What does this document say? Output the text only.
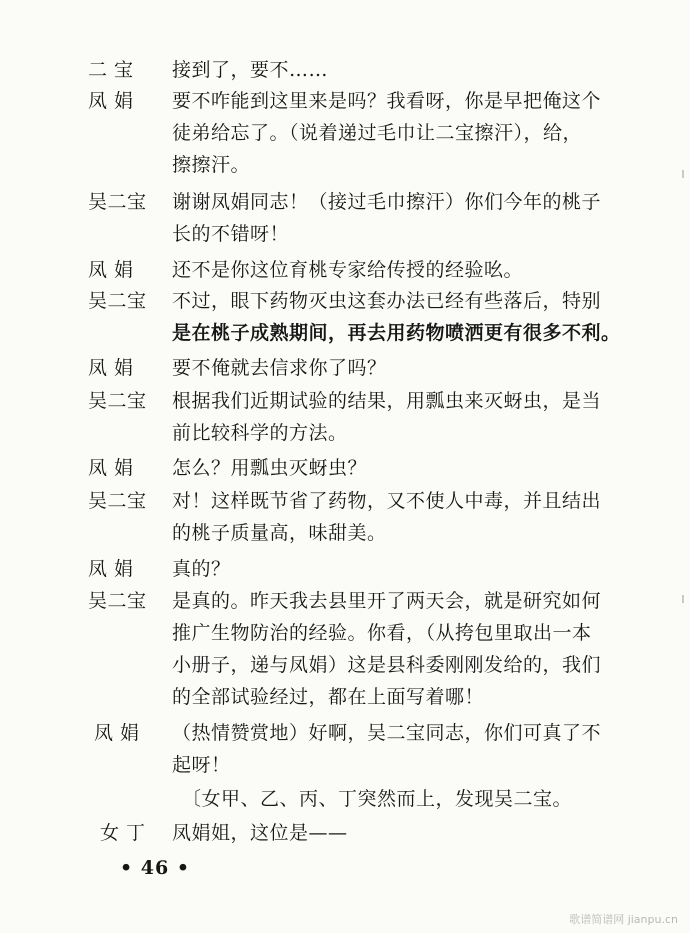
二 宝 接到了，要不……
凤 娟 要不咋能到这里来是吗？我看呀，你是早把俺这个
徒弟给忘了。（说着递过毛巾让二宝擦汗），给，
擦擦汗。
吴二宝 谢谢凤娟同志！（接过毛巾擦汗）你们今年的桃子
长的不错呀！
凤 娟 还不是你这位育桃专家给传授的经验吆。
吴二宝 不过，眼下药物灭虫这套办法已经有些落后，特别
是在桃子成熟期间，再去用药物喷洒更有很多不利。
凤 娟 要不俺就去信求你了吗？
吴二宝 根据我们近期试验的结果，用瓢虫来灭蚜虫，是当
前比较科学的方法。
凤 娟 怎么？用瓢虫灭蚜虫？
吴二宝 对！这样既节省了药物，又不使人中毒，并且结出
的桃子质量高，味甜美。
凤 娟 真的？
吴二宝 是真的。昨天我去县里开了两天会，就是研究如何
推广生物防治的经验。你看，（从挎包里取出一本
小册子，递与凤娟）这是县科委刚刚发给的，我们
的全部试验经过，都在上面写着哪！
凤 娟 （热情赞赏地）好啊，吴二宝同志，你们可真了不
起呀！
〔女甲、乙、丙、丁突然而上，发现吴二宝。
女 丁 凤娟姐，这位是——
• 46 •
歌谱简谱网 jianpu.cn
